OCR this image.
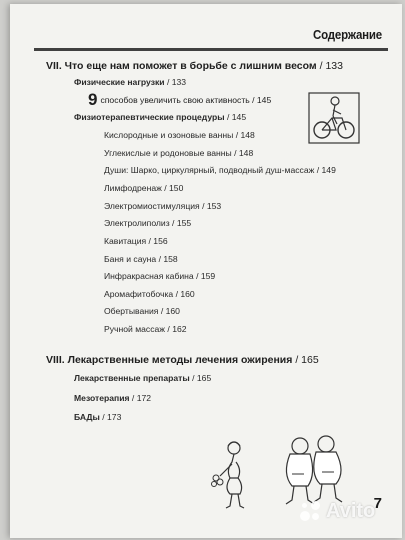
Содержание
VII. Что еще нам поможет в борьбе с лишним весом / 133
Физические нагрузки / 133
9 способов увеличить свою активность / 145
Физиотерапевтические процедуры / 145
Кислородные и озоновые ванны / 148
Углекислые и родоновые ванны / 148
Души: Шарко, циркулярный, подводный душ-массаж / 149
Лимфодренаж / 150
Электромиостимуляция / 153
Электролиполиз / 155
Кавитация / 156
Баня и сауна / 158
Инфракрасная кабина / 159
Аромафитобочка / 160
Обертывания / 160
Ручной массаж / 162
VIII. Лекарственные методы лечения ожирения / 165
Лекарственные препараты / 165
Мезотерапия / 172
БАДы / 173
7
Avito
